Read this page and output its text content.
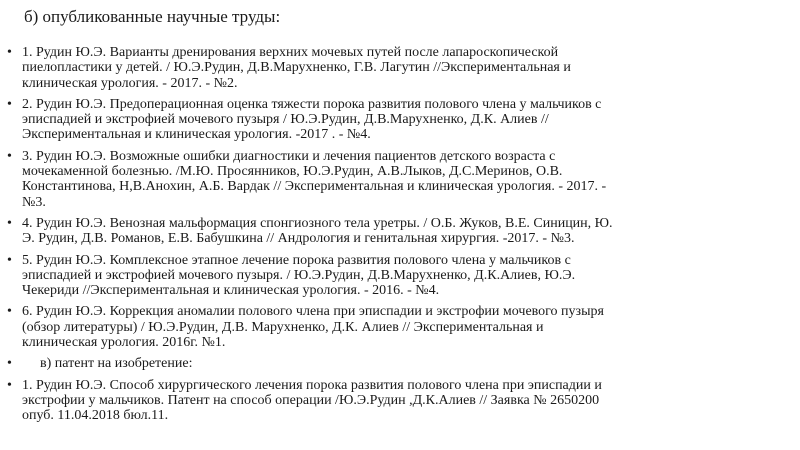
б) опубликованные научные труды:
• 1. Рудин Ю.Э. Варианты дренирования верхних мочевых путей после лапароскопической
пиелопластики у детей. / Ю.Э.Рудин, Д.В.Марухненко, Г.В. Лагутин //Экспериментальная и
клиническая урология. - 2017. - №2.
• 2. Рудин Ю.Э. Предоперационная оценка тяжести порока развития полового члена у мальчиков с
эписпадией и экстрофией мочевого пузыря / Ю.Э.Рудин, Д.В.Марухненко, Д.К. Алиев //
Экспериментальная и клиническая урология. -2017 . - №4.
• 3. Рудин Ю.Э. Возможные ошибки диагностики и лечения пациентов детского возраста с
мочекаменной болезнью. /М.Ю. Просянников, Ю.Э.Рудин, А.В.Лыков, Д.С.Меринов, О.В.
Константинова, Н,В.Анохин, А.Б. Вардак // Экспериментальная и клиническая урология. - 2017. -
№3.
• 4. Рудин Ю.Э. Венозная мальформация спонгиозного тела уретры. / О.Б. Жуков, В.Е. Синицин, Ю.
Э. Рудин, Д.В. Романов, Е.В. Бабушкина // Андрология и генитальная хирургия. -2017. - №3.
• 5. Рудин Ю.Э. Комплексное этапное лечение порока развития полового члена у мальчиков с
эписпадией и экстрофией мочевого пузыря. / Ю.Э.Рудин, Д.В.Марухненко, Д.К.Алиев, Ю.Э.
Чекериди //Экспериментальная и клиническая урология. - 2016. - №4.
• 6. Рудин Ю.Э. Коррекция аномалии полового члена при эписпадии и экстрофии мочевого пузыря
(обзор литературы) / Ю.Э.Рудин, Д.В. Марухненко, Д.К. Алиев // Экспериментальная и
клиническая урология. 2016г. №1.
•	в) патент на изобретение:
• 1. Рудин Ю.Э. Способ хирургического лечения порока развития полового члена при эписпадии и
экстрофии у мальчиков. Патент на способ операции /Ю.Э.Рудин ,Д.К.Алиев // Заявка № 2650200
опуб. 11.04.2018 бюл.11.
